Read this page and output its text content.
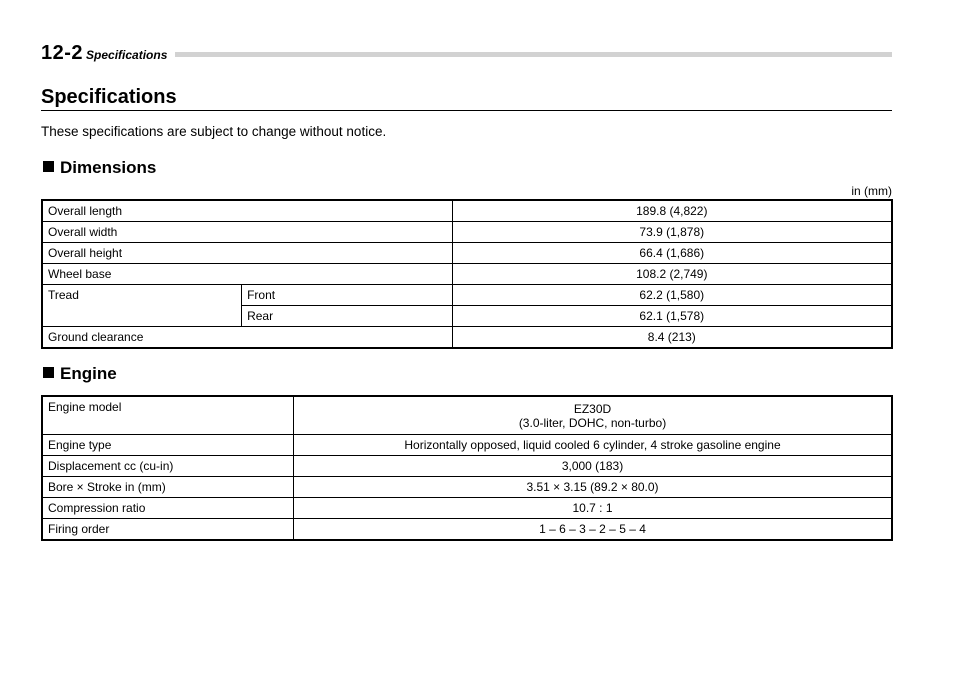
12-2 Specifications
Specifications
These specifications are subject to change without notice.
Dimensions
in (mm)
Overall length		189.8 (4,822)
Overall width		73.9 (1,878)
Overall height		66.4 (1,686)
Wheel base		108.2 (2,749)
Tread	Front	62.2 (1,580)
	Rear	62.1 (1,578)
Ground clearance		8.4 (213)
Engine
Engine model	EZ30D
(3.0-liter, DOHC, non-turbo)

Engine type	Horizontally opposed, liquid cooled 6 cylinder, 4 stroke gasoline engine
Displacement cc (cu-in)	3,000 (183)
Bore × Stroke in (mm)	3.51 × 3.15 (89.2 × 80.0)
Compression ratio	10.7 : 1
Firing order	1 – 6 – 3 – 2 – 5 – 4
